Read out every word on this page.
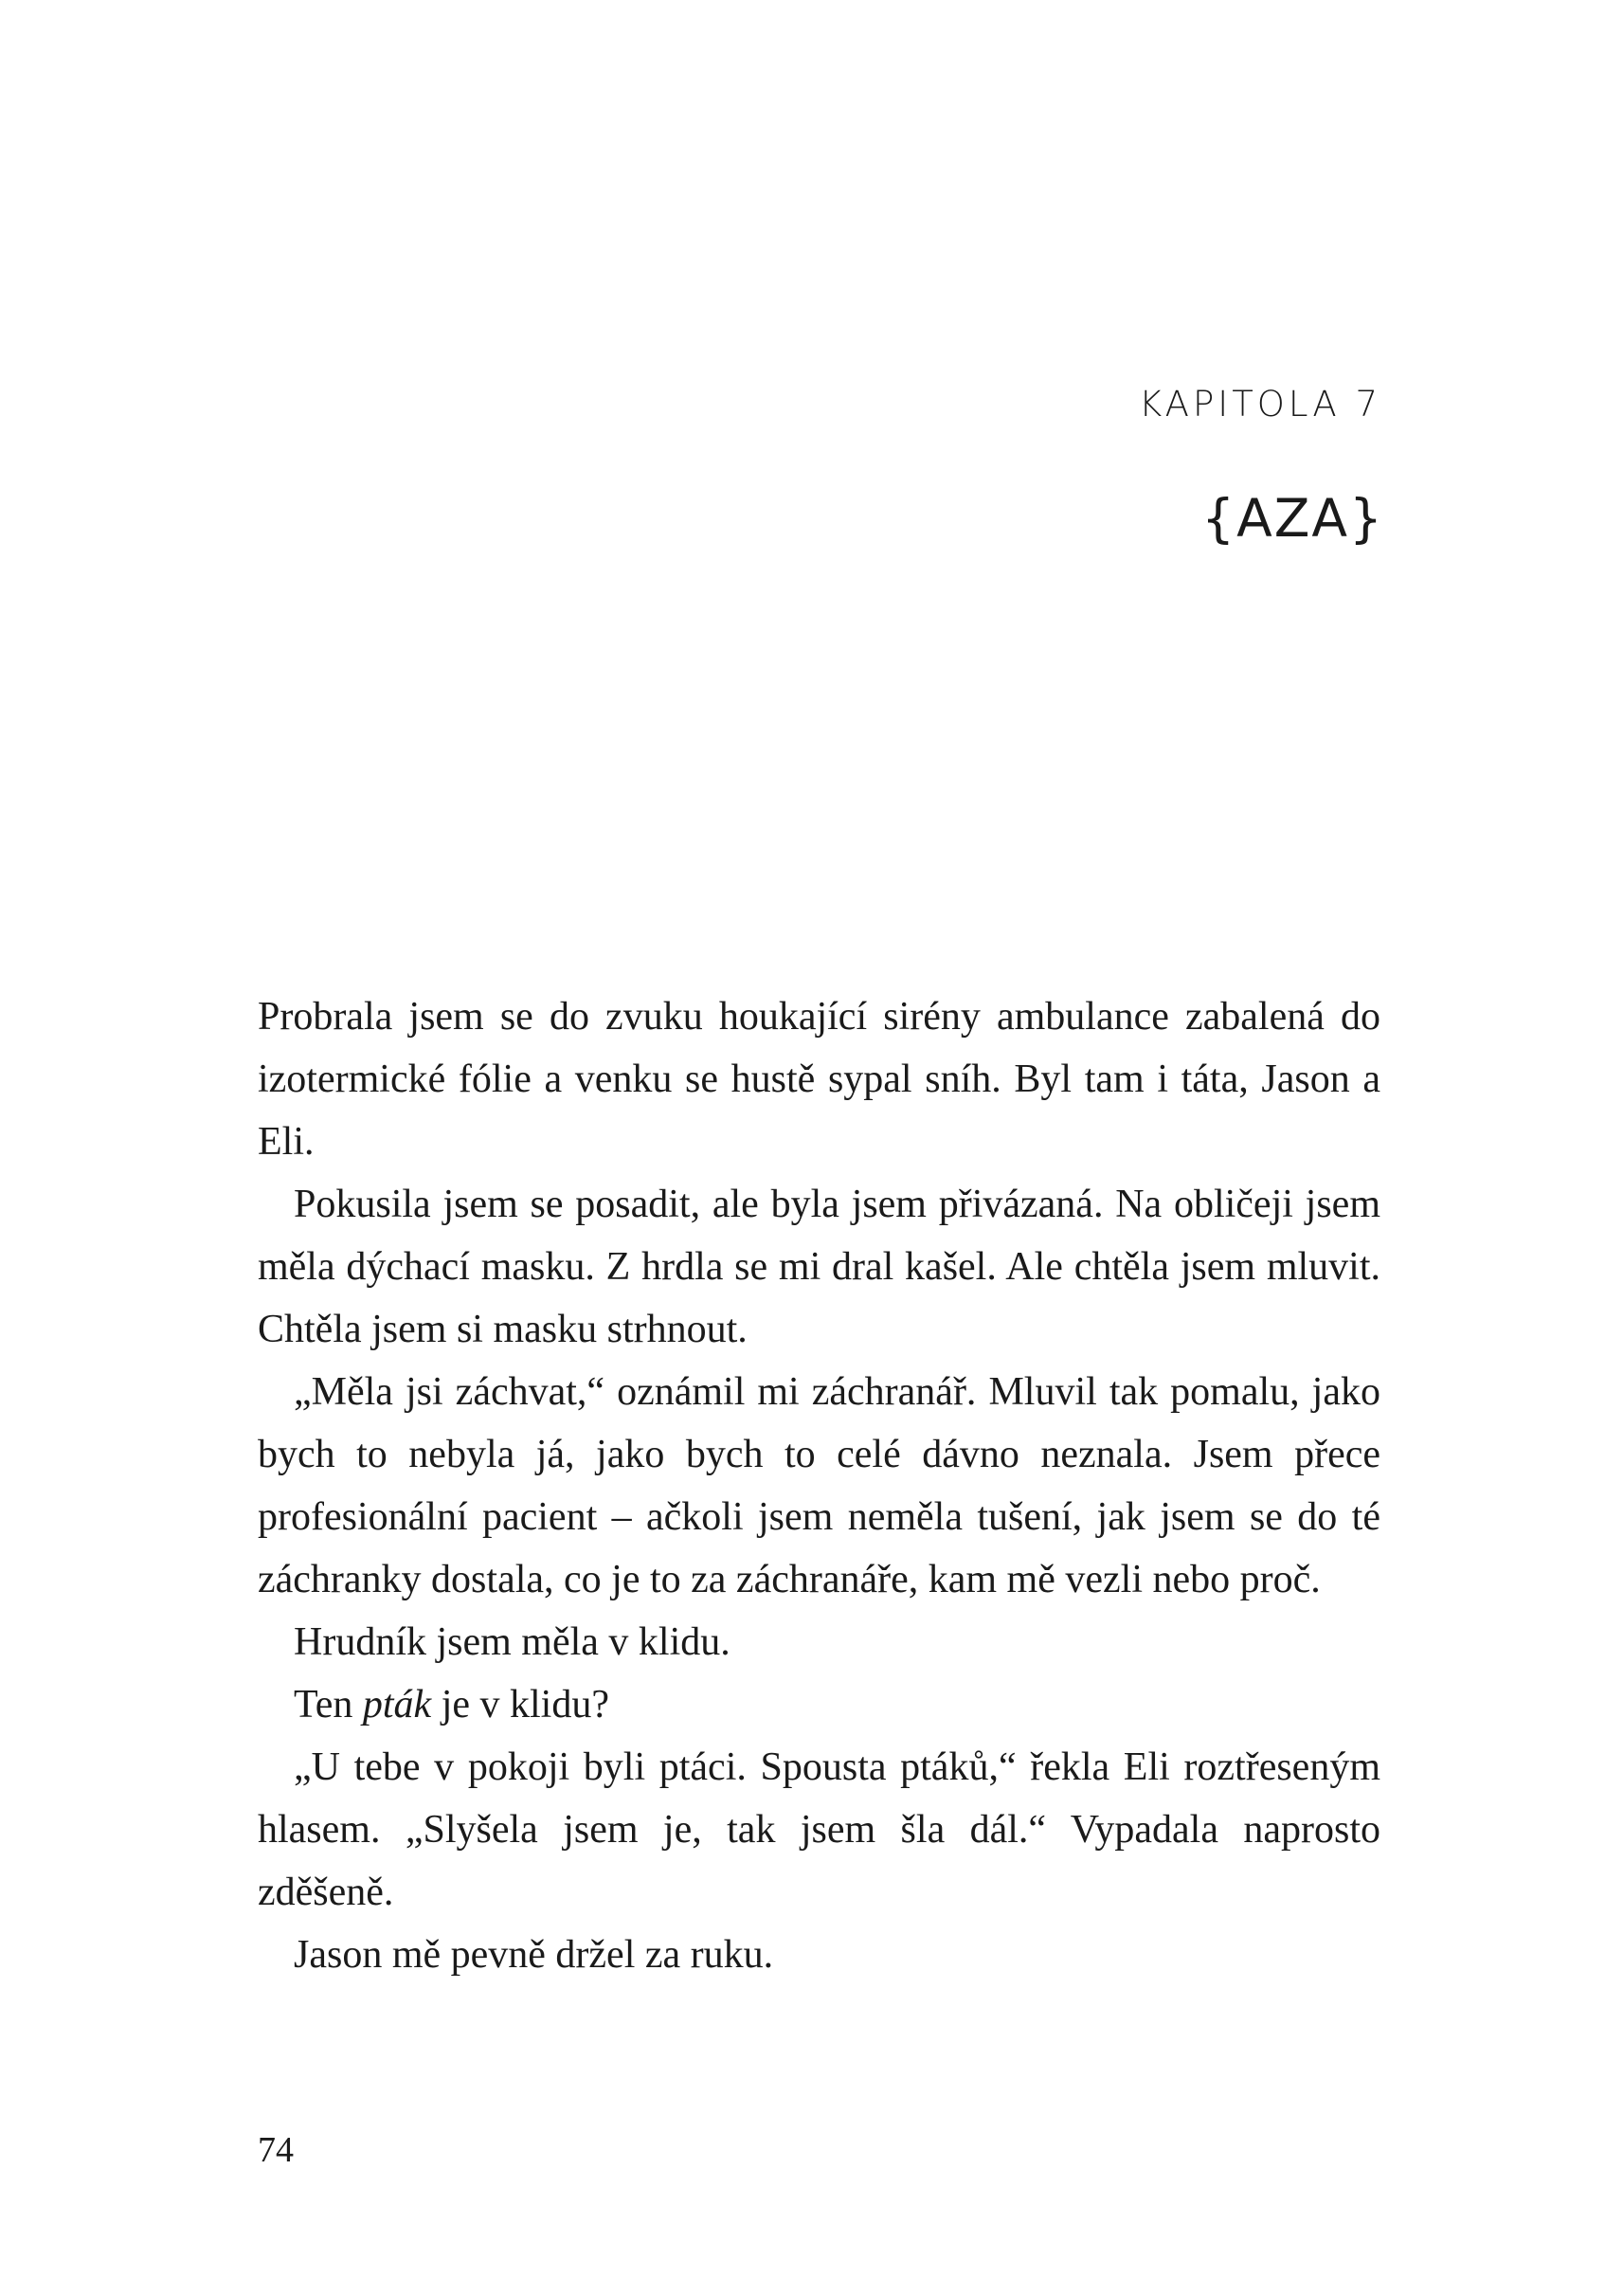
KAPITOLA 7
{AZA}

Probrala jsem se do zvuku houkající sirény ambulance zabalená do izotermické fólie a venku se hustě sypal sníh. Byl tam i táta, Jason a Eli.

Pokusila jsem se posadit, ale byla jsem přivázaná. Na obličeji jsem měla dýchací masku. Z hrdla se mi dral kašel. Ale chtěla jsem mluvit. Chtěla jsem si masku strhnout.

„Měla jsi záchvat,“ oznámil mi záchranář. Mluvil tak pomalu, jako bych to nebyla já, jako bych to celé dávno neznala. Jsem přece profesionální pacient – ačkoli jsem neměla tušení, jak jsem se do té záchranky dostala, co je to za záchranáře, kam mě vezli nebo proč.

Hrudník jsem měla v klidu.

Ten pták je v klidu?

„U tebe v pokoji byli ptáci. Spousta ptáků,“ řekla Eli roztřeseným hlasem. „Slyšela jsem je, tak jsem šla dál.“ Vypadala naprosto zděšeně.

Jason mě pevně držel za ruku.

74
